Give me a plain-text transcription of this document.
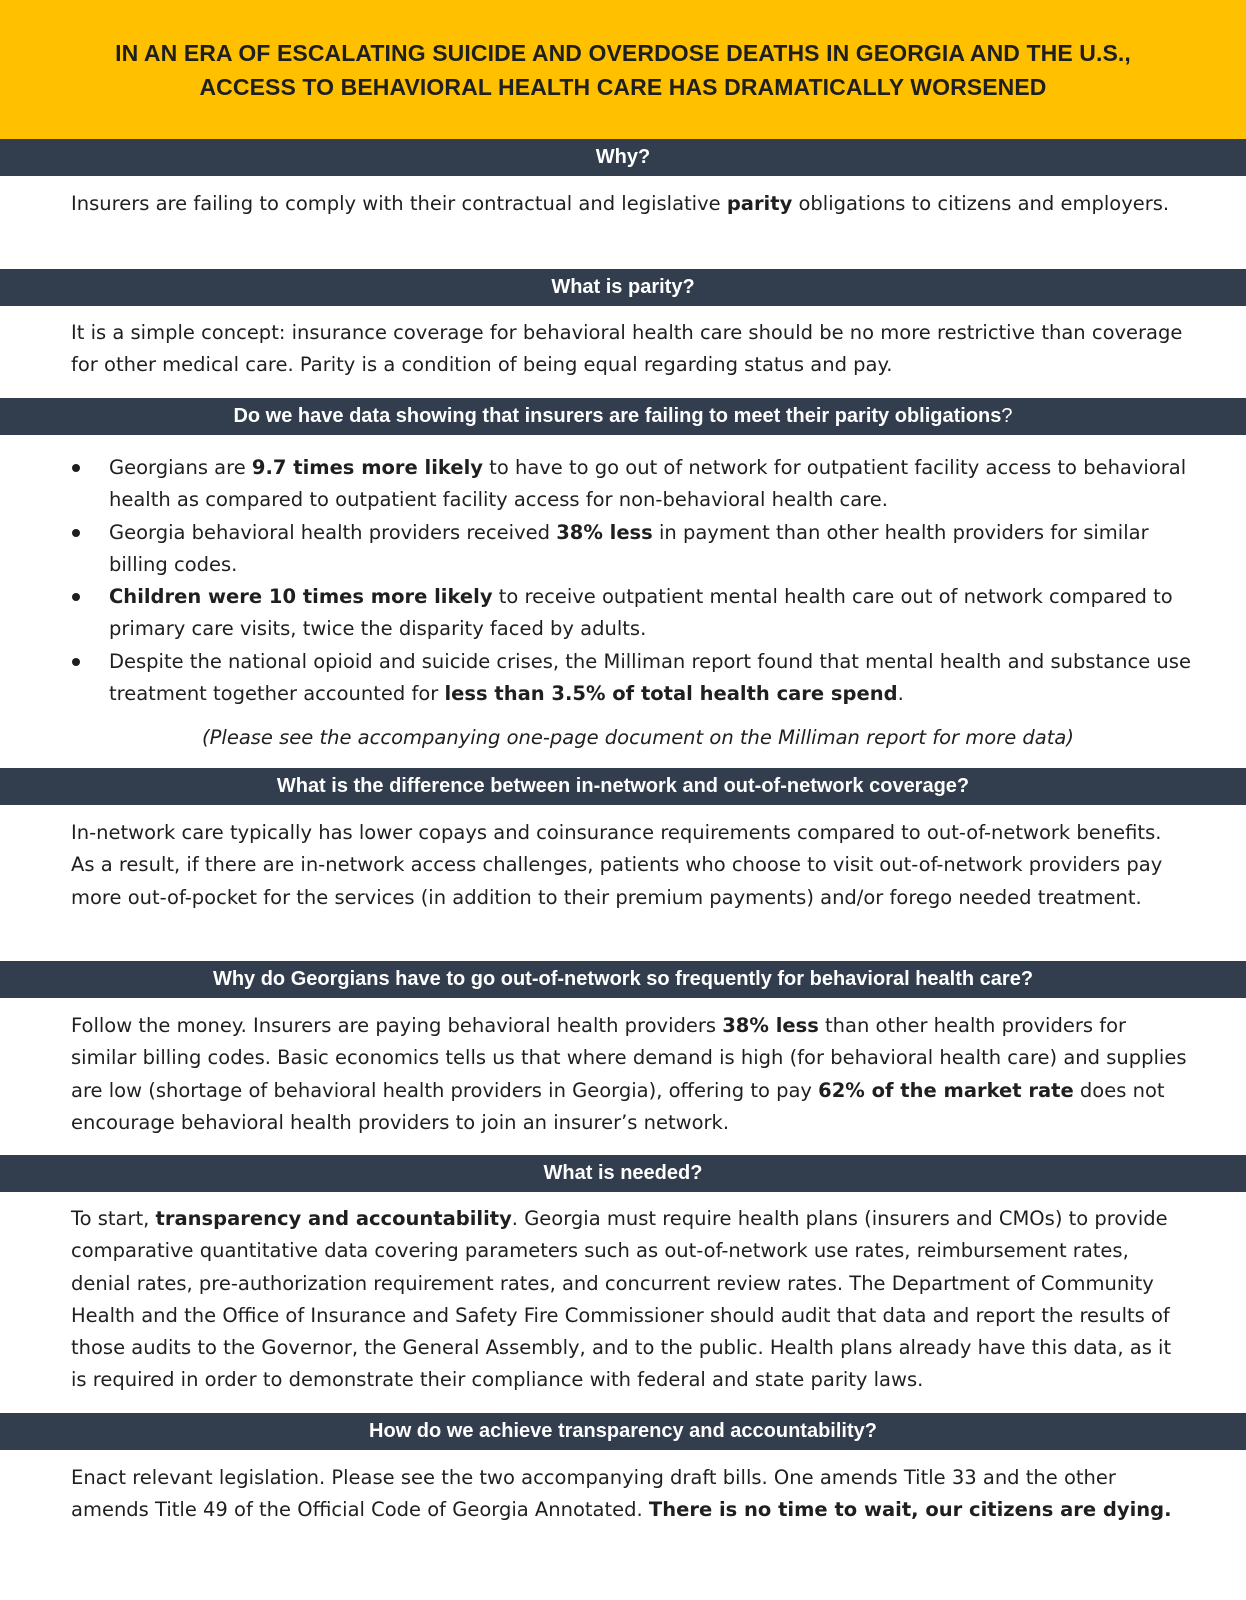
IN AN ERA OF ESCALATING SUICIDE AND OVERDOSE DEATHS IN GEORGIA AND THE U.S.,
ACCESS TO BEHAVIORAL HEALTH CARE HAS DRAMATICALLY WORSENED
Why?
Insurers are failing to comply with their contractual and legislative parity obligations to citizens and employers.
What is parity?
It is a simple concept: insurance coverage for behavioral health care should be no more restrictive than coverage for other medical care. Parity is a condition of being equal regarding status and pay.
Do we have data showing that insurers are failing to meet their parity obligations ?
Georgians are 9.7 times more likely to have to go out of network for outpatient facility access to behavioral health as compared to outpatient facility access for non-behavioral health care.
Georgia behavioral health providers received 38% less in payment than other health providers for similar billing codes.
Children were 10 times more likely to receive outpatient mental health care out of network compared to primary care visits, twice the disparity faced by adults.
Despite the national opioid and suicide crises, the Milliman report found that mental health and substance use treatment together accounted for less than 3.5% of total health care spend.
(Please see the accompanying one-page document on the Milliman report for more data)
What is the difference between in-network and out-of-network coverage?
In-network care typically has lower copays and coinsurance requirements compared to out-of-network benefits. As a result, if there are in-network access challenges, patients who choose to visit out-of-network providers pay more out-of-pocket for the services (in addition to their premium payments) and/or forego needed treatment.
Why do Georgians have to go out-of-network so frequently for behavioral health care?
Follow the money. Insurers are paying behavioral health providers 38% less than other health providers for similar billing codes. Basic economics tells us that where demand is high (for behavioral health care) and supplies are low (shortage of behavioral health providers in Georgia), offering to pay 62% of the market rate does not encourage behavioral health providers to join an insurer’s network.
What is needed?
To start, transparency and accountability. Georgia must require health plans (insurers and CMOs) to provide comparative quantitative data covering parameters such as out-of-network use rates, reimbursement rates, denial rates, pre-authorization requirement rates, and concurrent review rates. The Department of Community Health and the Office of Insurance and Safety Fire Commissioner should audit that data and report the results of those audits to the Governor, the General Assembly, and to the public. Health plans already have this data, as it is required in order to demonstrate their compliance with federal and state parity laws.
How do we achieve transparency and accountability?
Enact relevant legislation. Please see the two accompanying draft bills. One amends Title 33 and the other amends Title 49 of the Official Code of Georgia Annotated. There is no time to wait, our citizens are dying.
